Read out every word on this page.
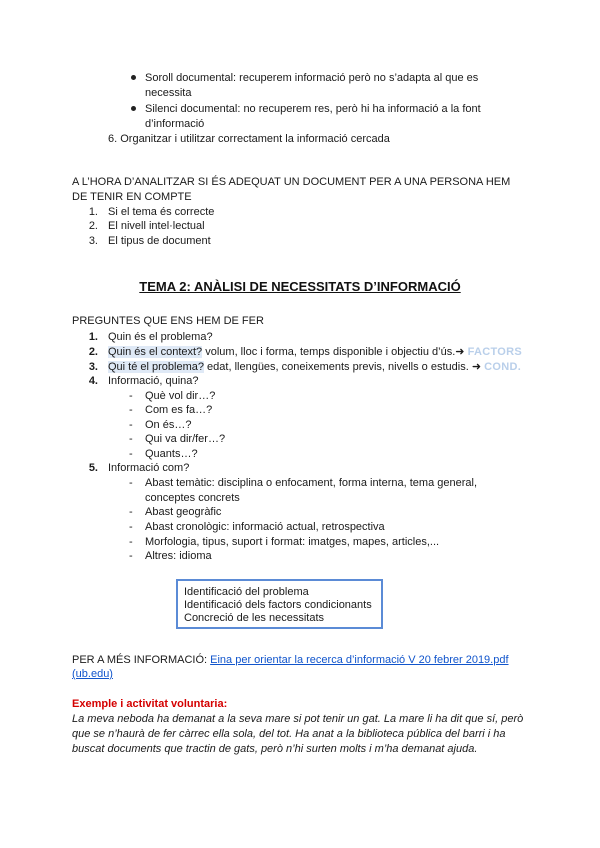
Soroll documental: recuperem informació però no s’adapta al que es
necessita
Silenci documental: no recuperem res, però hi ha informació a la font
d’informació
6. Organitzar i utilitzar correctament la informació cercada
A L’HORA D’ANALITZAR SI ÉS ADEQUAT UN DOCUMENT PER A UNA PERSONA HEM
DE TENIR EN COMPTE
1. Si el tema és correcte
2. El nivell intel·lectual
3. El tipus de document
TEMA 2: ANÀLISI DE NECESSITATS D’INFORMACIÓ
PREGUNTES QUE ENS HEM DE FER
1. Quin és el problema?
2. Quin és el context? volum, lloc i forma, temps disponible i objectiu d’ús.➜ FACTORS
3. Qui té el problema? edat, llengües, coneixements previs, nivells o estudis. ➜ COND.
4. Informació, quina?
- Què vol dir…?
- Com es fa…?
- On és…?
- Qui va dir/fer…?
- Quants…?
5. Informació com?
- Abast temàtic: disciplina o enfocament, forma interna, tema general,
conceptes concrets
- Abast geogràfic
- Abast cronològic: informació actual, retrospectiva
- Morfologia, tipus, suport i format: imatges, mapes, articles,...
- Altres: idioma
Identificació del problema
Identificació dels factors condicionants
Concreció de les necessitats
PER A MÉS INFORMACIÓ: Eina per orientar la recerca d’informació V 20 febrer 2019.pdf
(ub.edu)
Exemple i activitat voluntaria:
La meva neboda ha demanat a la seva mare si pot tenir un gat. La mare li ha dit que sí, però
que se n’haurà de fer càrrec ella sola, del tot. Ha anat a la biblioteca pública del barri i ha
buscat documents que tractin de gats, però n’hi surten molts i m’ha demanat ajuda.
